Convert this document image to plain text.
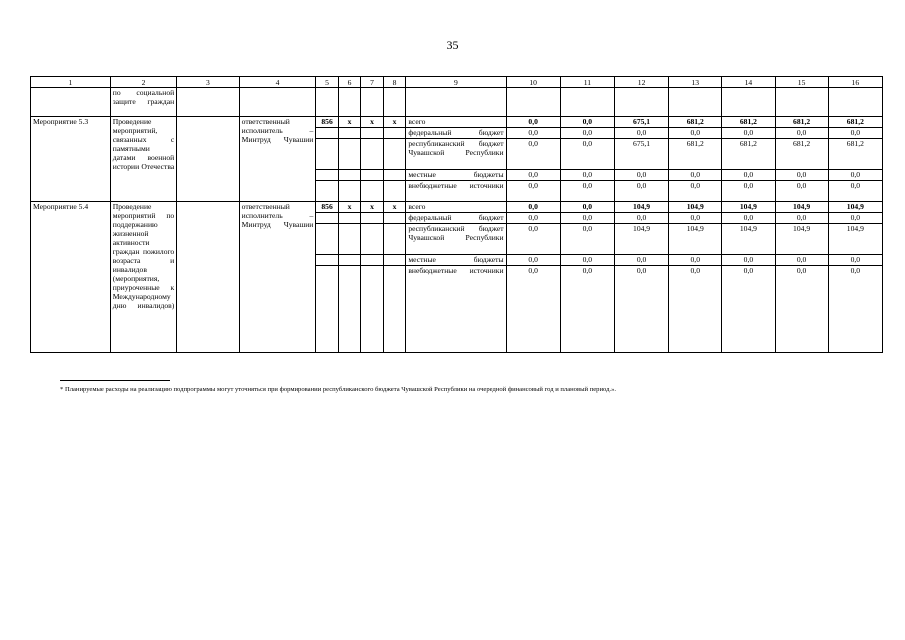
35
1	2	3	4	5	6	7	8	9	10	11	12	13	14	15	16
	по социальной защите граждан														
Мероприятие 5.3	Проведение мероприятий, связанных с памятными датами военной истории Отечества		ответственный исполнитель – Минтруд Чувашии	856	x	x	x	всего	0,0	0,0	675,1	681,2	681,2	681,2	681,2
								федеральный бюджет	0,0	0,0	0,0	0,0	0,0	0,0	0,0
								республиканский бюджет Чувашской Республики	0,0	0,0	675,1	681,2	681,2	681,2	681,2
								местные бюджеты	0,0	0,0	0,0	0,0	0,0	0,0	0,0
								внебюджетные источники	0,0	0,0	0,0	0,0	0,0	0,0	0,0
Мероприятие 5.4	Проведение мероприятий по поддержанию жизненной активности граждан пожилого возраста и инвалидов (мероприятия, приуроченные к Международному дню инвалидов)		ответственный исполнитель – Минтруд Чувашии	856	x	x	x	всего	0,0	0,0	104,9	104,9	104,9	104,9	104,9
								федеральный бюджет	0,0	0,0	0,0	0,0	0,0	0,0	0,0
								республиканский бюджет Чувашской Республики	0,0	0,0	104,9	104,9	104,9	104,9	104,9
								местные бюджеты	0,0	0,0	0,0	0,0	0,0	0,0	0,0
								внебюджетные источники	0,0	0,0	0,0	0,0	0,0	0,0	0,0
* Планируемые расходы на реализацию подпрограммы могут уточняться при формировании республиканского бюджета Чувашской Республики на очередной финансовый год и плановый период.».
